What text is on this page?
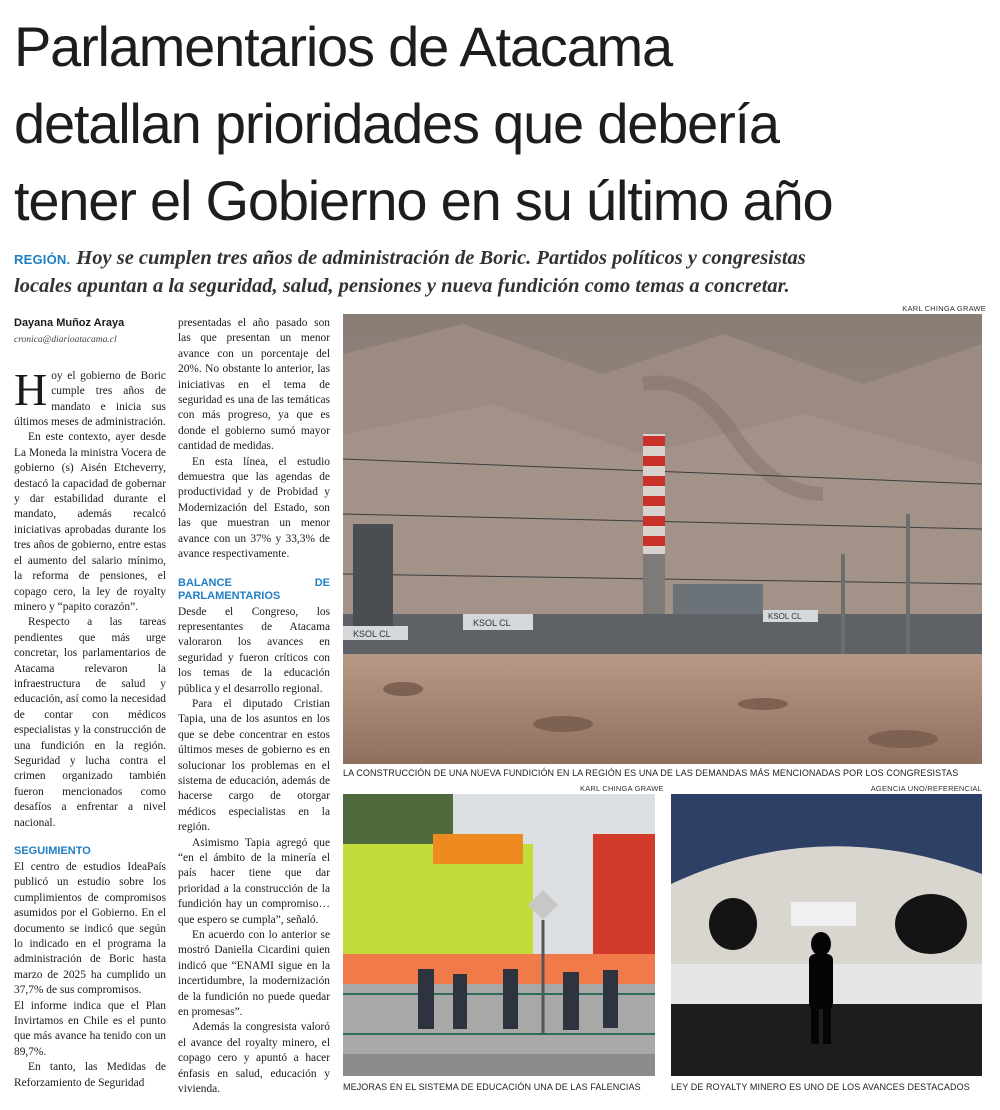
Parlamentarios de Atacama
detallan prioridades que debería
tener el Gobierno en su último año
REGIÓN. Hoy se cumplen tres años de administración de Boric. Partidos políticos y congresistas
locales apuntan a la seguridad, salud, pensiones y nueva fundición como temas a concretar.
Dayana Muñoz Araya
cronica@diarioatacama.cl

Hoy el gobierno de Boric cumple tres años de mandato e inicia sus últimos meses de administración.

En este contexto, ayer desde La Moneda la ministra Vocera de gobierno (s) Aisén Etcheverry, destacó la capacidad de gobernar y dar estabilidad durante el mandato, además recalcó iniciativas aprobadas durante los tres años de gobierno, entre estas el aumento del salario mínimo, la reforma de pensiones, el copago cero, la ley de royalty minero y “papito corazón”.

Respecto a las tareas pendientes que más urge concretar, los parlamentarios de Atacama relevaron la infraestructura de salud y educación, así como la necesidad de contar con médicos especialistas y la construcción de una fundición en la región. Seguridad y lucha contra el crimen organizado también fueron mencionados como desafíos a enfrentar a nivel nacional.

SEGUIMIENTO

El centro de estudios IdeaPaís publicó un estudio sobre los cumplimientos de compromisos asumidos por el Gobierno. En el documento se indicó que según lo indicado en el programa la administración de Boric hasta marzo de 2025 ha cumplido un 37,7% de sus compromisos.

El informe indica que el Plan Invirtamos en Chile es el punto que más avance ha tenido con un 89,7%.

En tanto, las Medidas de Reforzamiento de Seguridad

presentadas el año pasado son las que presentan un menor avance con un porcentaje del 20%. No obstante lo anterior, las iniciativas en el tema de seguridad es una de las temáticas con más progreso, ya que es donde el gobierno sumó mayor cantidad de medidas.

En esta línea, el estudio demuestra que las agendas de productividad y de Probidad y Modernización del Estado, son las que muestran un menor avance con un 37% y 33,3% de avance respectivamente.

BALANCE DE PARLAMENTARIOS

Desde el Congreso, los representantes de Atacama valoraron los avances en seguridad y fueron críticos con los temas de la educación pública y el desarrollo regional.

Para el diputado Cristian Tapia, una de los asuntos en los que se debe concentrar en estos últimos meses de gobierno es en solucionar los problemas en el sistema de educación, además de hacerse cargo de otorgar médicos especialistas en la región.

Asimismo Tapia agregó que “en el ámbito de la minería el país hacer tiene que dar prioridad a la construcción de la fundición hay un compromiso… que espero se cumpla”, señaló.

En acuerdo con lo anterior se mostró Daniella Cicardini quien indicó que “ENAMI sigue en la incertidumbre, la modernización de la fundición no puede quedar en promesas”.

Además la congresista valoró el avance del royalty minero, el copago cero y apuntó a hacer énfasis en salud, educación y vivienda.

KARL CHINGA GRAWE
KSOL CL
KSOL CL
KSOL CL
LA CONSTRUCCIÓN DE UNA NUEVA FUNDICIÓN EN LA REGIÓN ES UNA DE LAS DEMANDAS MÁS MENCIONADAS POR LOS CONGRESISTAS
KARL CHINGA GRAWE
MEJORAS EN EL SISTEMA DE EDUCACIÓN UNA DE LAS FALENCIAS
AGENCIA UNO/REFERENCIAL
LEY DE ROYALTY MINERO ES UNO DE LOS AVANCES DESTACADOS
